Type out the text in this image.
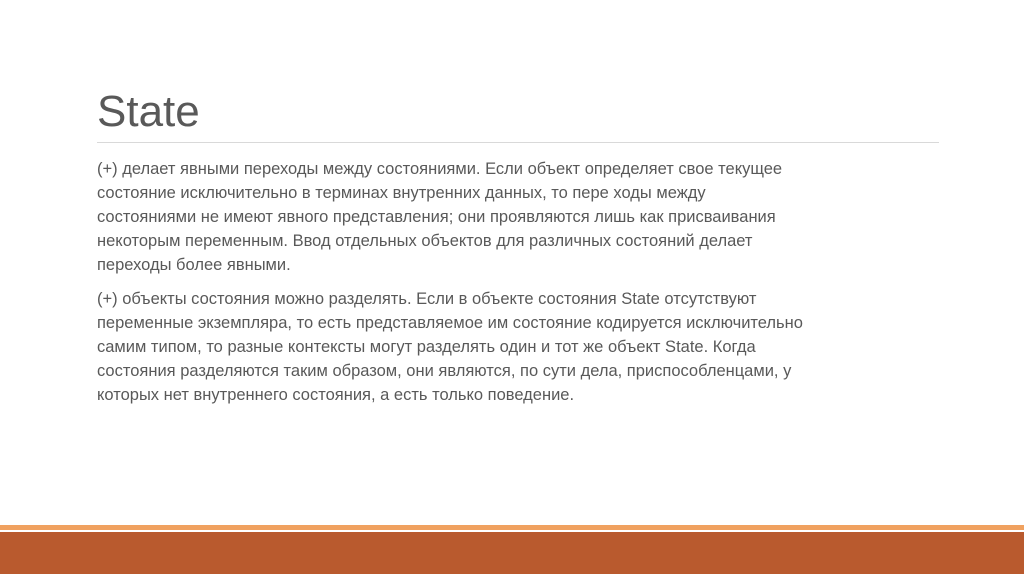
State

(+) делает явными переходы между состояниями. Если объект определяет свое текущее
состояние исключительно в терминах внутренних данных, то пере ходы между
состояниями не имеют явного представления; они проявляются лишь как присваивания
некоторым переменным. Ввод отдельных объектов для различных состояний делает
переходы более явными.

(+) объекты состояния можно разделять. Если в объекте состояния State отсутствуют
переменные экземпляра, то есть представляемое им состояние кодируется исключительно
самим типом, то разные контексты могут разделять один и тот же объект State. Когда
состояния разделяются таким образом, они являются, по сути дела, приспособленцами, у
которых нет внутреннего состояния, а есть только поведение.
